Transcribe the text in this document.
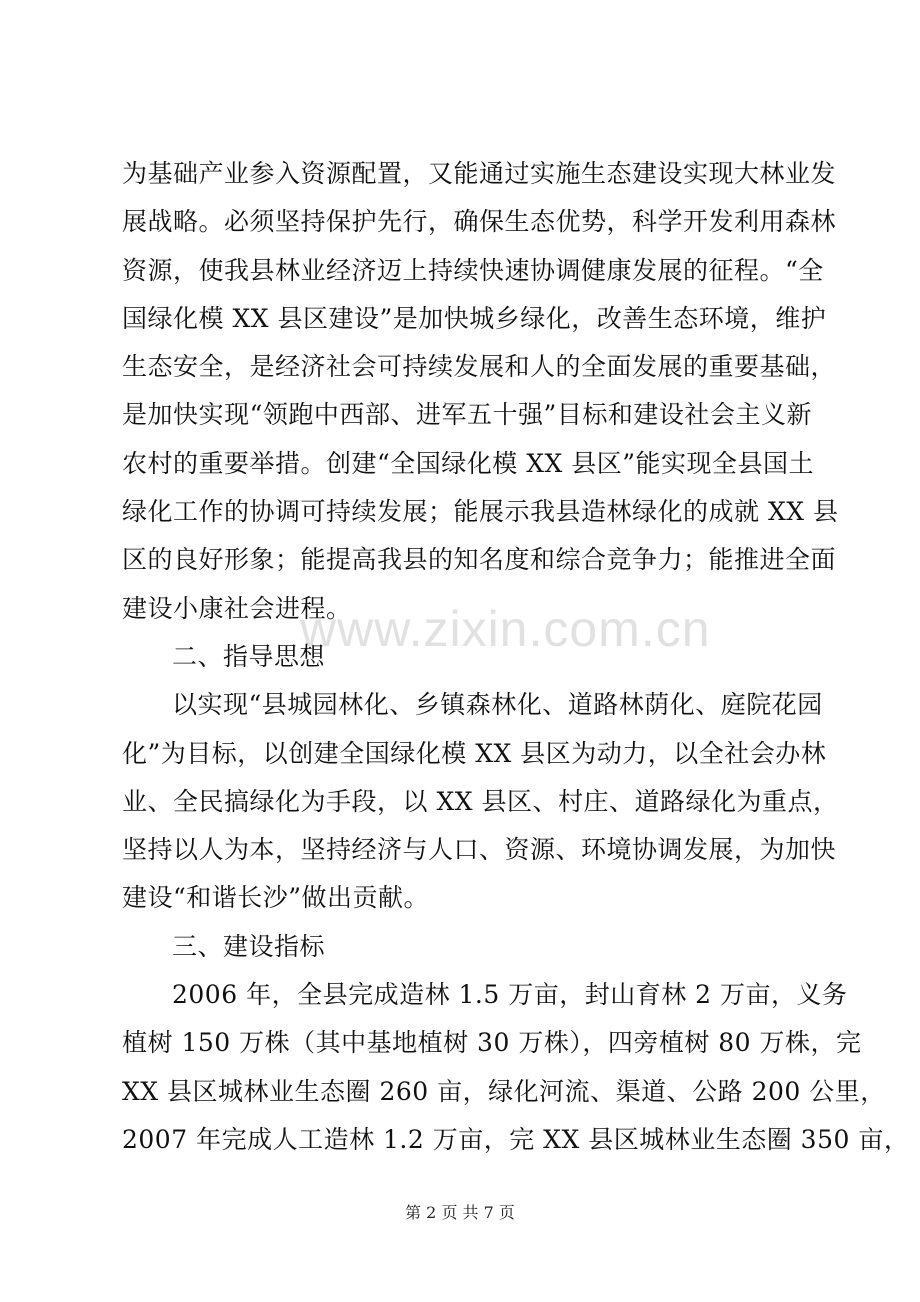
为基础产业参入资源配置，又能通过实施生态建设实现大林业发
展战略。必须坚持保护先行，确保生态优势，科学开发利用森林
资源，使我县林业经济迈上持续快速协调健康发展的征程。“全
国绿化模 XX 县区建设”是加快城乡绿化，改善生态环境，维护
生态安全，是经济社会可持续发展和人的全面发展的重要基础，
是加快实现“领跑中西部、进军五十强”目标和建设社会主义新
农村的重要举措。创建“全国绿化模 XX 县区”能实现全县国土
绿化工作的协调可持续发展；能展示我县造林绿化的成就 XX 县
区的良好形象；能提高我县的知名度和综合竞争力；能推进全面
建设小康社会进程。
二、指导思想
以实现“县城园林化、乡镇森林化、道路林荫化、庭院花园
化”为目标，以创建全国绿化模 XX 县区为动力，以全社会办林
业、全民搞绿化为手段，以 XX 县区、村庄、道路绿化为重点，
坚持以人为本，坚持经济与人口、资源、环境协调发展，为加快
建设“和谐长沙”做出贡献。
三、建设指标
2006 年，全县完成造林 1.5 万亩，封山育林 2 万亩，义务
植树 150 万株（其中基地植树 30 万株），四旁植树 80 万株，完
XX 县区城林业生态圈 260 亩，绿化河流、渠道、公路 200 公里，
2007 年完成人工造林 1.2 万亩，完 XX 县区城林业生态圈 350 亩，
www.zixin.com.cn
第 2 页 共 7 页
